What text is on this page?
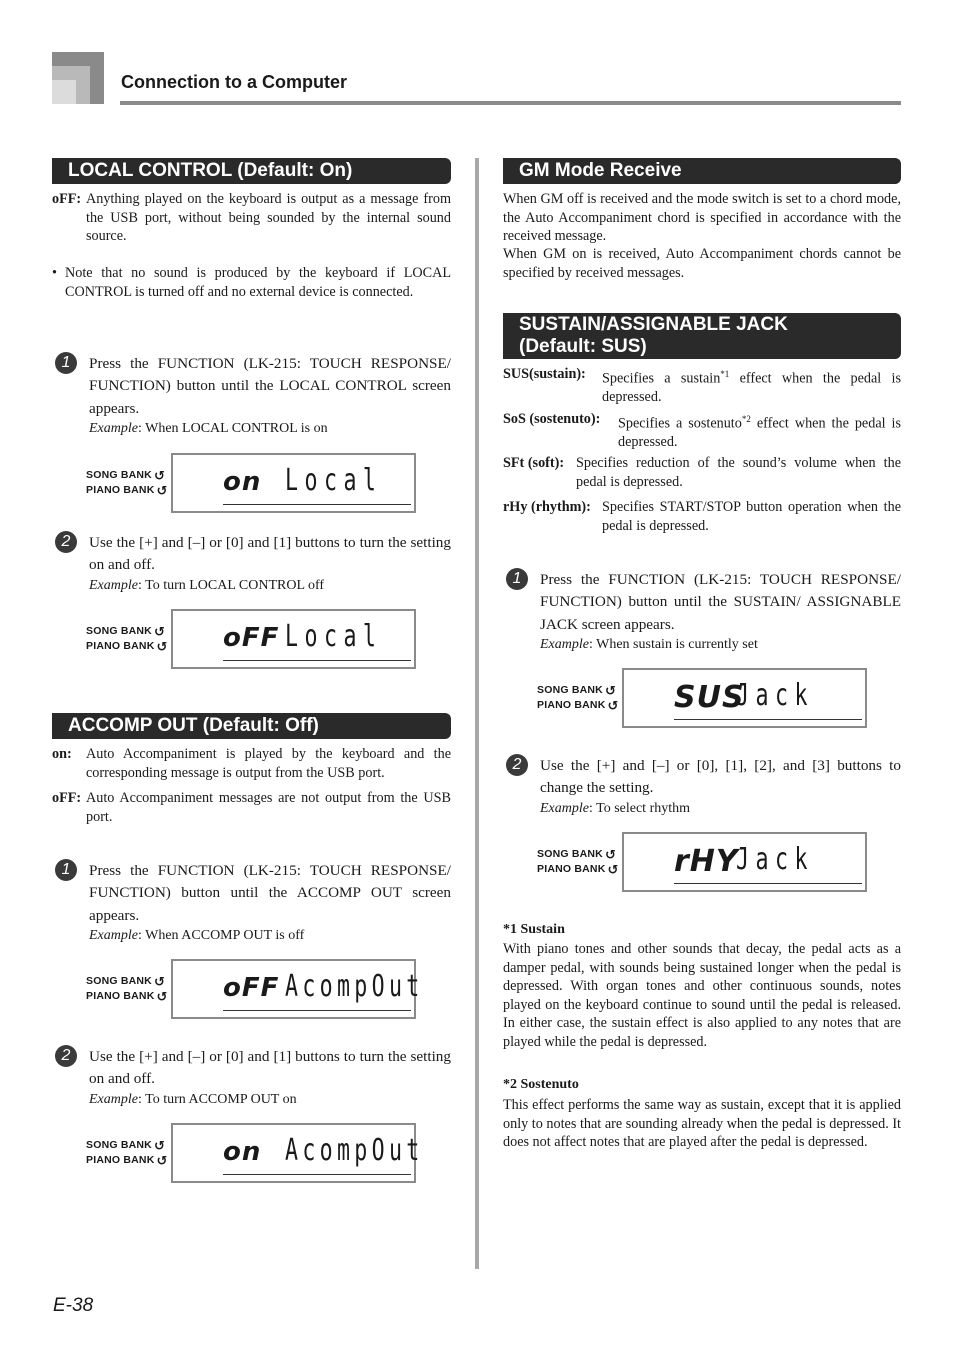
Connection to a Computer
LOCAL CONTROL (Default: On)
oFF: Anything played on the keyboard is output as a message from the USB port, without being sounded by the internal sound source.
• Note that no sound is produced by the keyboard if LOCAL CONTROL is turned off and no external device is connected.
1	Press the FUNCTION (LK-215: TOUCH RESPONSE/ FUNCTION) button until the LOCAL CONTROL screen appears.
Example: When LOCAL CONTROL is on
SONG BANK ↺
PIANO BANK ↺ on Local
2	Use the [+] and [–] or [0] and [1] buttons to turn the setting on and off.
Example: To turn LOCAL CONTROL off
SONG BANK ↺
PIANO BANK ↺ oFF Local
ACCOMP OUT (Default: Off)
on: Auto Accompaniment is played by the keyboard and the corresponding message is output from the USB port.
oFF: Auto Accompaniment messages are not output from the USB port.
1	Press the FUNCTION (LK-215: TOUCH RESPONSE/ FUNCTION) button until the ACCOMP OUT screen appears.
Example: When ACCOMP OUT is off
SONG BANK ↺
PIANO BANK ↺ oFF AcompOut
2	Use the [+] and [–] or [0] and [1] buttons to turn the setting on and off.
Example: To turn ACCOMP OUT on
SONG BANK ↺
PIANO BANK ↺ on AcompOut
GM Mode Receive
When GM off is received and the mode switch is set to a chord mode, the Auto Accompaniment chord is specified in accordance with the received message.
When GM on is received, Auto Accompaniment chords cannot be specified by received messages.
SUSTAIN/ASSIGNABLE JACK
(Default: SUS)
SUS(sustain): Specifies a sustain$^{*1}$ effect when the pedal is depressed.
SoS (sostenuto): Specifies a sostenuto$^{*2}$ effect when the pedal is depressed.
SFt (soft): Specifies reduction of the sound’s volume when the pedal is depressed.
rHy (rhythm): Specifies START/STOP button operation when the pedal is depressed.
1	Press the FUNCTION (LK-215: TOUCH RESPONSE/ FUNCTION) button until the SUSTAIN/ ASSIGNABLE JACK screen appears.
Example: When sustain is currently set
SONG BANK ↺
PIANO BANK ↺ SUS
Jack
2	Use the [+] and [–] or [0], [1], [2], and [3] buttons to change the setting.
Example: To select rhythm
SONG BANK ↺
PIANO BANK ↺ rHY
Jack
*1 Sustain
With piano tones and other sounds that decay, the pedal acts as a damper pedal, with sounds being sustained longer when the pedal is depressed. With organ tones and other continuous sounds, notes played on the keyboard continue to sound until the pedal is released. In either case, the sustain effect is also applied to any notes that are played while the pedal is depressed.
*2 Sostenuto
This effect performs the same way as sustain, except that it is applied only to notes that are sounding already when the pedal is depressed. It does not affect notes that are played after the pedal is depressed.
E-38
